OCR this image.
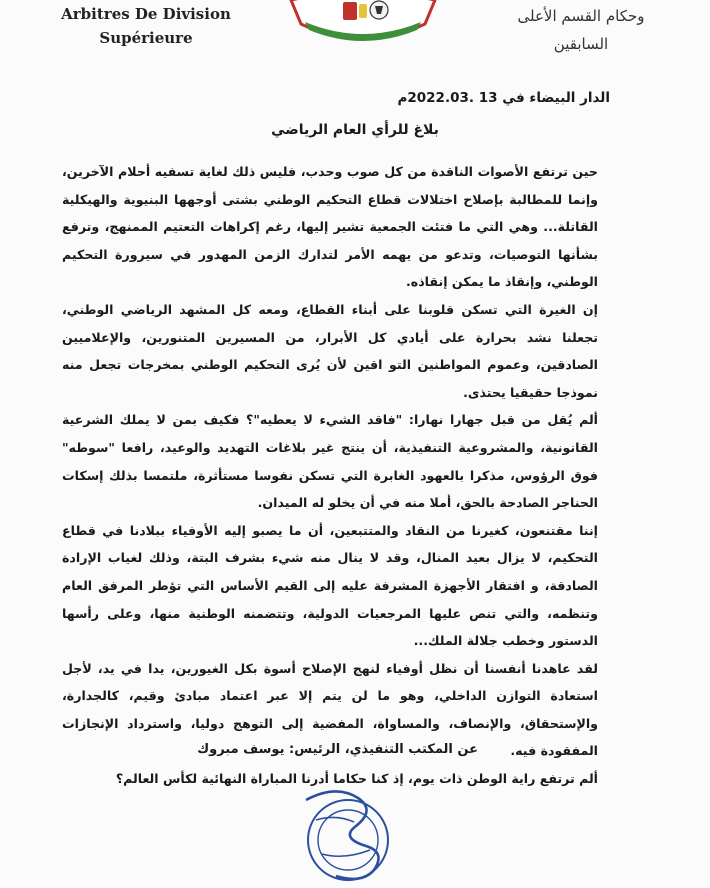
Arbitres De Division
Supérieure
وحكام القسم الأعلى
السابقين
الدار البيضاء في 13 .2022.03م
بلاغ للرأي العام الرياضي

حين ترتفع الأصوات الناقدة من كل صوب وحدب، فليس ذلك لغاية تسفيه أحلام الآخرين، وإنما للمطالبة بإصلاح اختلالات قطاع التحكيم الوطني بشتى أوجهها البنيوية والهيكلية القاتلة... وهي التي ما فتئت الجمعية تشير إليها، رغم إكراهات التعتيم الممنهج، وترفع بشأنها التوصيات، وتدعو من يهمه الأمر لتدارك الزمن المهدور في سيرورة التحكيم الوطني، وإنقاذ ما يمكن إنقاذه.

إن الغيرة التي تسكن قلوبنا على أبناء القطاع، ومعه كل المشهد الرياضي الوطني، تجعلنا نشد بحرارة على أيادي كل الأبرار، من المسيرين المتنورين، والإعلاميين الصادقين، وعموم المواطنين التو اقين لأن يُرى التحكيم الوطني بمخرجات تجعل منه نموذجا حقيقيا يحتذى.

ألم يُقل من قبل جهارا نهارا: "فاقد الشيء لا يعطيه"؟ فكيف بمن لا يملك الشرعية القانونية، والمشروعية التنفيذية، أن ينتج غير بلاغات التهديد والوعيد، رافعا "سوطه" فوق الرؤوس، مذكرا بالعهود الغابرة التي تسكن نفوسا مستأثرة، ملتمسا بذلك إسكات الحناجر الصادحة بالحق، أملا منه في أن يخلو له الميدان.

إننا مقتنعون، كغيرنا من النقاد والمتتبعين، أن ما يصبو إليه الأوفياء ببلادنا في قطاع التحكيم، لا يزال بعيد المنال، وقد لا ينال منه شيء بشرف البتة، وذلك لغياب الإرادة الصادقة، و افتقار الأجهزة المشرفة عليه إلى القيم الأساس التي تؤطر المرفق العام وتنظمه، والتي تنص عليها المرجعيات الدولية، وتتضمنه الوطنية منها، وعلى رأسها الدستور وخطب جلالة الملك...

لقد عاهدنا أنفسنا أن نظل أوفياء لنهج الإصلاح أسوة بكل الغيورين، يدا في يد، لأجل استعادة التوازن الداخلي، وهو ما لن يتم إلا عبر اعتماد مبادئ وقيم، كالجدارة، والإستحقاق، والإنصاف، والمساواة، المفضية إلى التوهج دوليا، واسترداد الإنجازات المفقودة فيه.

ألم ترتفع راية الوطن ذات يوم، إذ كنا حكاما أدرنا المباراة النهائية لكأس العالم؟

عن المكتب التنفيذي، الرئيس: يوسف مبروك
